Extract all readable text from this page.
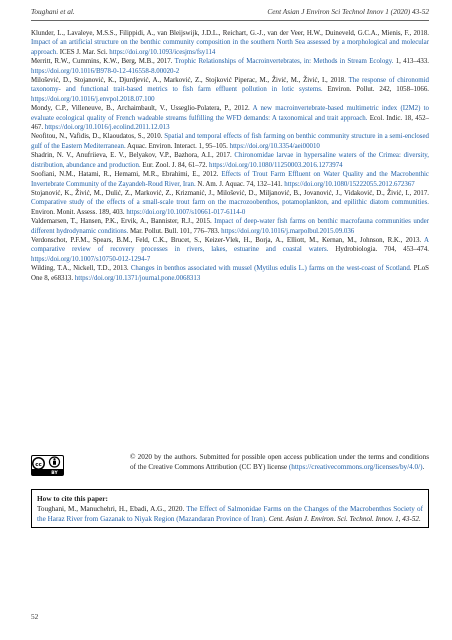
Toughani et al.	Cent Asian J Environ Sci Technol Innov 1 (2020) 43-52

Klunder, L., Lavaleye, M.S.S., Filippidi, A., van Bleijswijk, J.D.L., Reichart, G.-J., van der Veer, H.W., Duineveld, G.C.A., Mienis, F., 2018. Impact of an artificial structure on the benthic community composition in the southern North Sea assessed by a morphological and molecular approach. ICES J. Mar. Sci. https://doi.org/10.1093/icesjms/fsy114

Merritt, R.W., Cummins, K.W., Berg, M.B., 2017. Trophic Relationships of Macroinvertebrates, in: Methods in Stream Ecology. 1, 413–433. https://doi.org/10.1016/B978-0-12-416558-8.00020-2

Milošević, D., Stojanović, K., Djurdjević, A., Marković, Z., Stojković Piperac, M., Živić, M., Živić, I., 2018. The response of chironomid taxonomy- and functional trait-based metrics to fish farm effluent pollution in lotic systems. Environ. Pollut. 242, 1058–1066. https://doi.org/10.1016/j.envpol.2018.07.100

Mondy, C.P., Villeneuve, B., Archaimbault, V., Usseglio-Polatera, P., 2012. A new macroinvertebrate-based multimetric index (I2M2) to evaluate ecological quality of French wadeable streams fulfilling the WFD demands: A taxonomical and trait approach. Ecol. Indic. 18, 452–467. https://doi.org/10.1016/j.ecolind.2011.12.013

Neofitou, N., Vafidis, D., Klaoudatos, S., 2010. Spatial and temporal effects of fish farming on benthic community structure in a semi-enclosed gulf of the Eastern Mediterranean. Aquac. Environ. Interact. 1, 95–105. https://doi.org/10.3354/aei00010

Shadrin, N. V., Anufriieva, E. V., Belyakov, V.P., Bazhora, A.I., 2017. Chironomidae larvae in hypersaline waters of the Crimea: diversity, distribution, abundance and production. Eur. Zool. J. 84, 61–72. https://doi.org/10.1080/11250003.2016.1273974

Soofiani, N.M., Hatami, R., Hemami, M.R., Ebrahimi, E., 2012. Effects of Trout Farm Effluent on Water Quality and the Macrobenthic Invertebrate Community of the Zayandeh-Roud River, Iran. N. Am. J. Aquac. 74, 132–141. https://doi.org/10.1080/15222055.2012.672367

Stojanović, K., Živić, M., Dulić, Z., Marković, Z., Krizmanić, J., Milošević, D., Miljanović, B., Jovanović, J., Vidaković, D., Živić, I., 2017. Comparative study of the effects of a small-scale trout farm on the macrozoobenthos, potamoplankton, and epilithic diatom communities. Environ. Monit. Assess. 189, 403. https://doi.org/10.1007/s10661-017-6114-0

Valdemarsen, T., Hansen, P.K., Ervik, A., Bannister, R.J., 2015. Impact of deep-water fish farms on benthic macrofauna communities under different hydrodynamic conditions. Mar. Pollut. Bull. 101, 776–783. https://doi.org/10.1016/j.marpolbul.2015.09.036

Verdonschot, P.F.M., Spears, B.M., Feld, C.K., Brucet, S., Keizer-Vlek, H., Borja, A., Elliott, M., Kernan, M., Johnson, R.K., 2013. A comparative review of recovery processes in rivers, lakes, estuarine and coastal waters. Hydrobiologia. 704, 453–474. https://doi.org/10.1007/s10750-012-1294-7

Wilding, T.A., Nickell, T.D., 2013. Changes in benthos associated with mussel (Mytilus edulis L.) farms on the west-coast of Scotland. PLoS One 8, e68313. https://doi.org/10.1371/journal.pone.0068313

cc
BY
© 2020 by the authors. Submitted for possible open access publication under the terms and conditions of the Creative Commons Attribution (CC BY) license (https://creativecommons.org/licenses/by/4.0/).
How to cite this paper:
Toughani, M., Manuchehri, H., Ebadi, A.G., 2020. The Effect of Salmonidae Farms on the Changes of the Macrobenthos Society of the Haraz River from Gazanak to Niyak Region (Mazandaran Province of Iran). Cent. Asian J. Environ. Sci. Technol. Innov. 1, 43-52.
52
